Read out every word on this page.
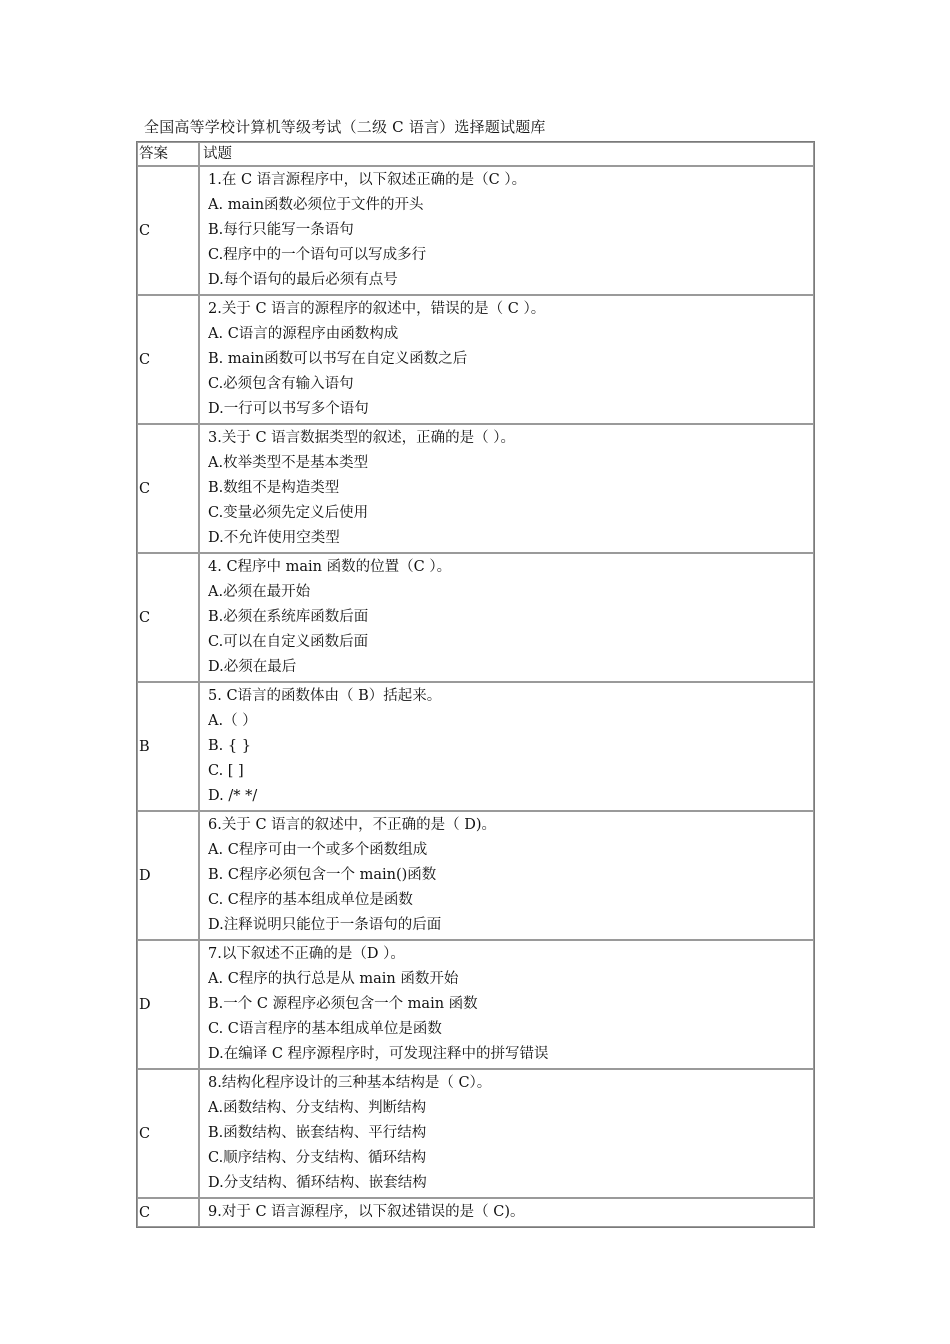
全国高等学校计算机等级考试（二级 C 语言）选择题试题库
答案	试题
C	1.在 C 语言源程序中，以下叙述正确的是（C ）。
A. main函数必须位于文件的开头
B.每行只能写一条语句
C.程序中的一个语句可以写成多行
D.每个语句的最后必须有点号

C	2.关于 C 语言的源程序的叙述中，错误的是（ C ）。
A. C语言的源程序由函数构成
B. main函数可以书写在自定义函数之后
C.必须包含有输入语句
D.一行可以书写多个语句

C	3.关于 C 语言数据类型的叙述，正确的是（ ）。
A.枚举类型不是基本类型
B.数组不是构造类型
C.变量必须先定义后使用
D.不允许使用空类型

C	4. C程序中 main 函数的位置（C ）。
A.必须在最开始
B.必须在系统库函数后面
C.可以在自定义函数后面
D.必须在最后

B	5. C语言的函数体由（ B）括起来。
A.（ ）
B. { }
C. [ ]
D. /* */

D	6.关于 C 语言的叙述中，不正确的是（ D)。
A. C程序可由一个或多个函数组成
B. C程序必须包含一个 main()函数
C. C程序的基本组成单位是函数
D.注释说明只能位于一条语句的后面

D	7.以下叙述不正确的是（D ）。
A. C程序的执行总是从 main 函数开始
B.一个 C 源程序必须包含一个 main 函数
C. C语言程序的基本组成单位是函数
D.在编译 C 程序源程序时，可发现注释中的拼写错误

C	8.结构化程序设计的三种基本结构是（ C）。
A.函数结构、分支结构、判断结构
B.函数结构、嵌套结构、平行结构
C.顺序结构、分支结构、循环结构
D.分支结构、循环结构、嵌套结构

C	9.对于 C 语言源程序，以下叙述错误的是（ C)。
